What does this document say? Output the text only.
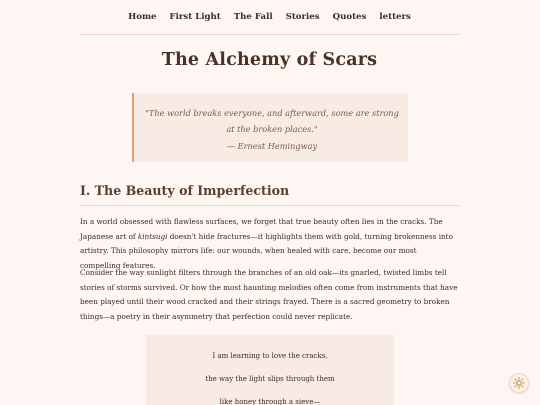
Home First Light The Fall Stories Quotes letters
The Alchemy of Scars

"The world breaks everyone, and afterward, some are strong at the broken places."

— Ernest Hemingway

I. The Beauty of Imperfection

In a world obsessed with flawless surfaces, we forget that true beauty often lies in the cracks. The Japanese art of kintsugi doesn't hide fractures—it highlights them with gold, turning brokenness into artistry. This philosophy mirrors life: our wounds, when healed with care, become our most compelling features.

Consider the way sunlight filters through the branches of an old oak—its gnarled, twisted limbs tell stories of storms survived. Or how the most haunting melodies often come from instruments that have been played until their wood cracked and their strings frayed. There is a sacred geometry to broken things—a poetry in their asymmetry that perfection could never replicate.

I am learning to love the cracks,
the way the light slips through them
like honey through a sieve—
